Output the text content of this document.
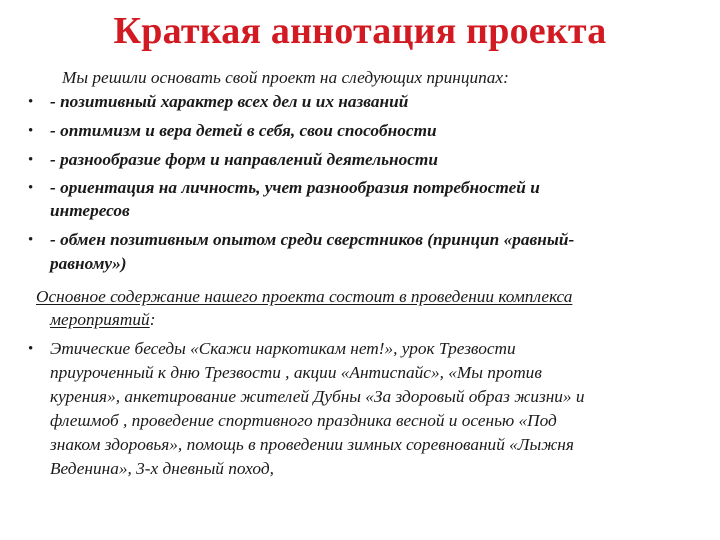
Краткая аннотация проекта
Мы решили основать свой проект на следующих принципах:
• - позитивный характер всех дел и их названий
• - оптимизм и вера детей в себя, свои способности
• - разнообразие форм и направлений деятельности
• - ориентация на личность, учет разнообразия потребностей и
интересов
• - обмен позитивным опытом среди сверстников (принцип «равный-
равному»)
Основное содержание нашего проекта состоит в проведении комплекса
мероприятий:
• Этические беседы «Скажи наркотикам нет!», урок Трезвости
приуроченный к дню Трезвости , акции «Антиспайс», «Мы против
курения», анкетирование жителей Дубны «За здоровый образ жизни» и
флешмоб , проведение спортивного праздника весной и осенью «Под
знаком здоровья», помощь в проведении зимных соревнований «Лыжня
Веденина», 3-х дневный поход,
